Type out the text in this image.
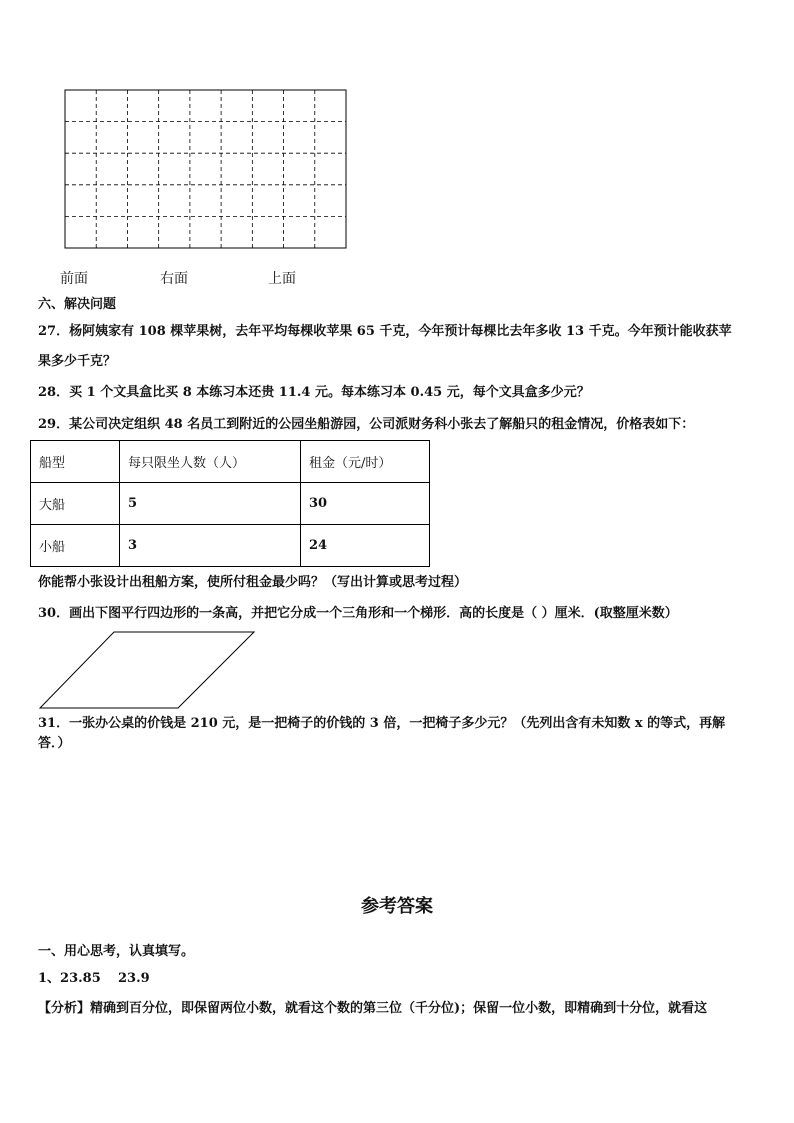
前面	右面	上面
六、解决问题
27．杨阿姨家有 108 棵苹果树，去年平均每棵收苹果 65 千克，今年预计每棵比去年多收 13 千克。今年预计能收获苹
果多少千克？
28．买 1 个文具盒比买 8 本练习本还贵 11.4 元。每本练习本 0.45 元，每个文具盒多少元？
29．某公司决定组织 48 名员工到附近的公园坐船游园，公司派财务科小张去了解船只的租金情况，价格表如下：
船型	每只限坐人数（人）	租金（元/时）
大船	5	30
小船	3	24
你能帮小张设计出租船方案，使所付租金最少吗？（写出计算或思考过程）
30．画出下图平行四边形的一条高，并把它分成一个三角形和一个梯形．高的长度是（ ）厘米．(取整厘米数）
31．一张办公桌的价钱是 210 元，是一把椅子的价钱的 3 倍，一把椅子多少元？（先列出含有未知数 x 的等式，再解
答．）
参考答案
一、用心思考，认真填写。
1、23.85 23.9
【分析】精确到百分位，即保留两位小数，就看这个数的第三位（千分位)；保留一位小数，即精确到十分位，就看这
